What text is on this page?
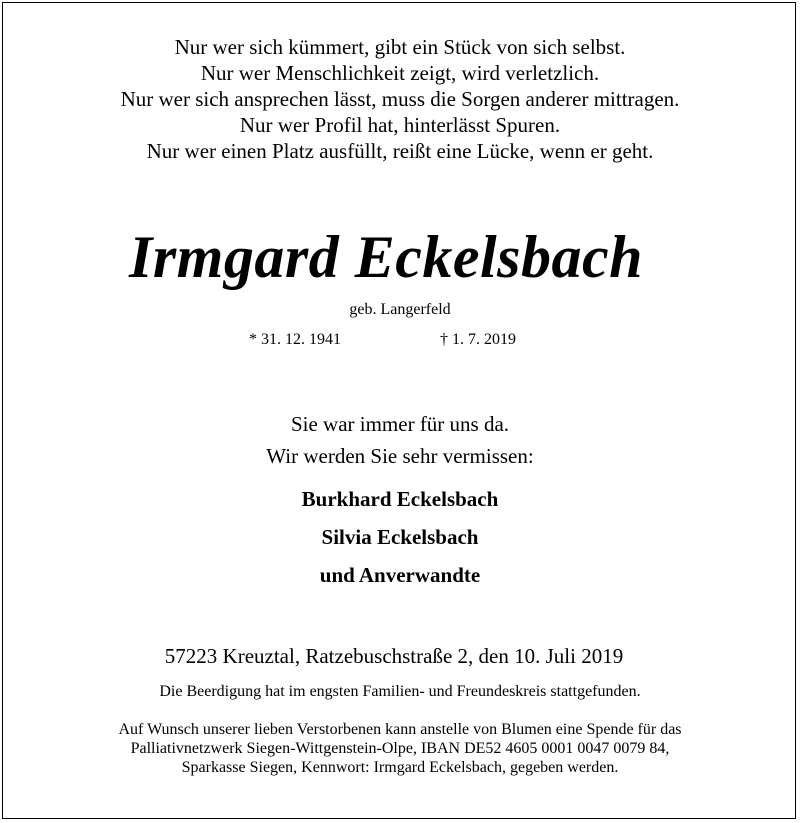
Nur wer sich kümmert, gibt ein Stück von sich selbst.
Nur wer Menschlichkeit zeigt, wird verletzlich.
Nur wer sich ansprechen lässt, muss die Sorgen anderer mittragen.
Nur wer Profil hat, hinterlässt Spuren.
Nur wer einen Platz ausfüllt, reißt eine Lücke, wenn er geht.
Irmgard Eckelsbach
geb. Langerfeld
* 31. 12. 1941	† 1. 7. 2019
Sie war immer für uns da.
Wir werden Sie sehr vermissen:
Burkhard Eckelsbach
Silvia Eckelsbach
und Anverwandte
57223 Kreuztal, Ratzebuschstraße 2, den 10. Juli 2019
Die Beerdigung hat im engsten Familien- und Freundeskreis stattgefunden.
Auf Wunsch unserer lieben Verstorbenen kann anstelle von Blumen eine Spende für das
Palliativnetzwerk Siegen-Wittgenstein-Olpe, IBAN DE52 4605 0001 0047 0079 84,
Sparkasse Siegen, Kennwort: Irmgard Eckelsbach, gegeben werden.
